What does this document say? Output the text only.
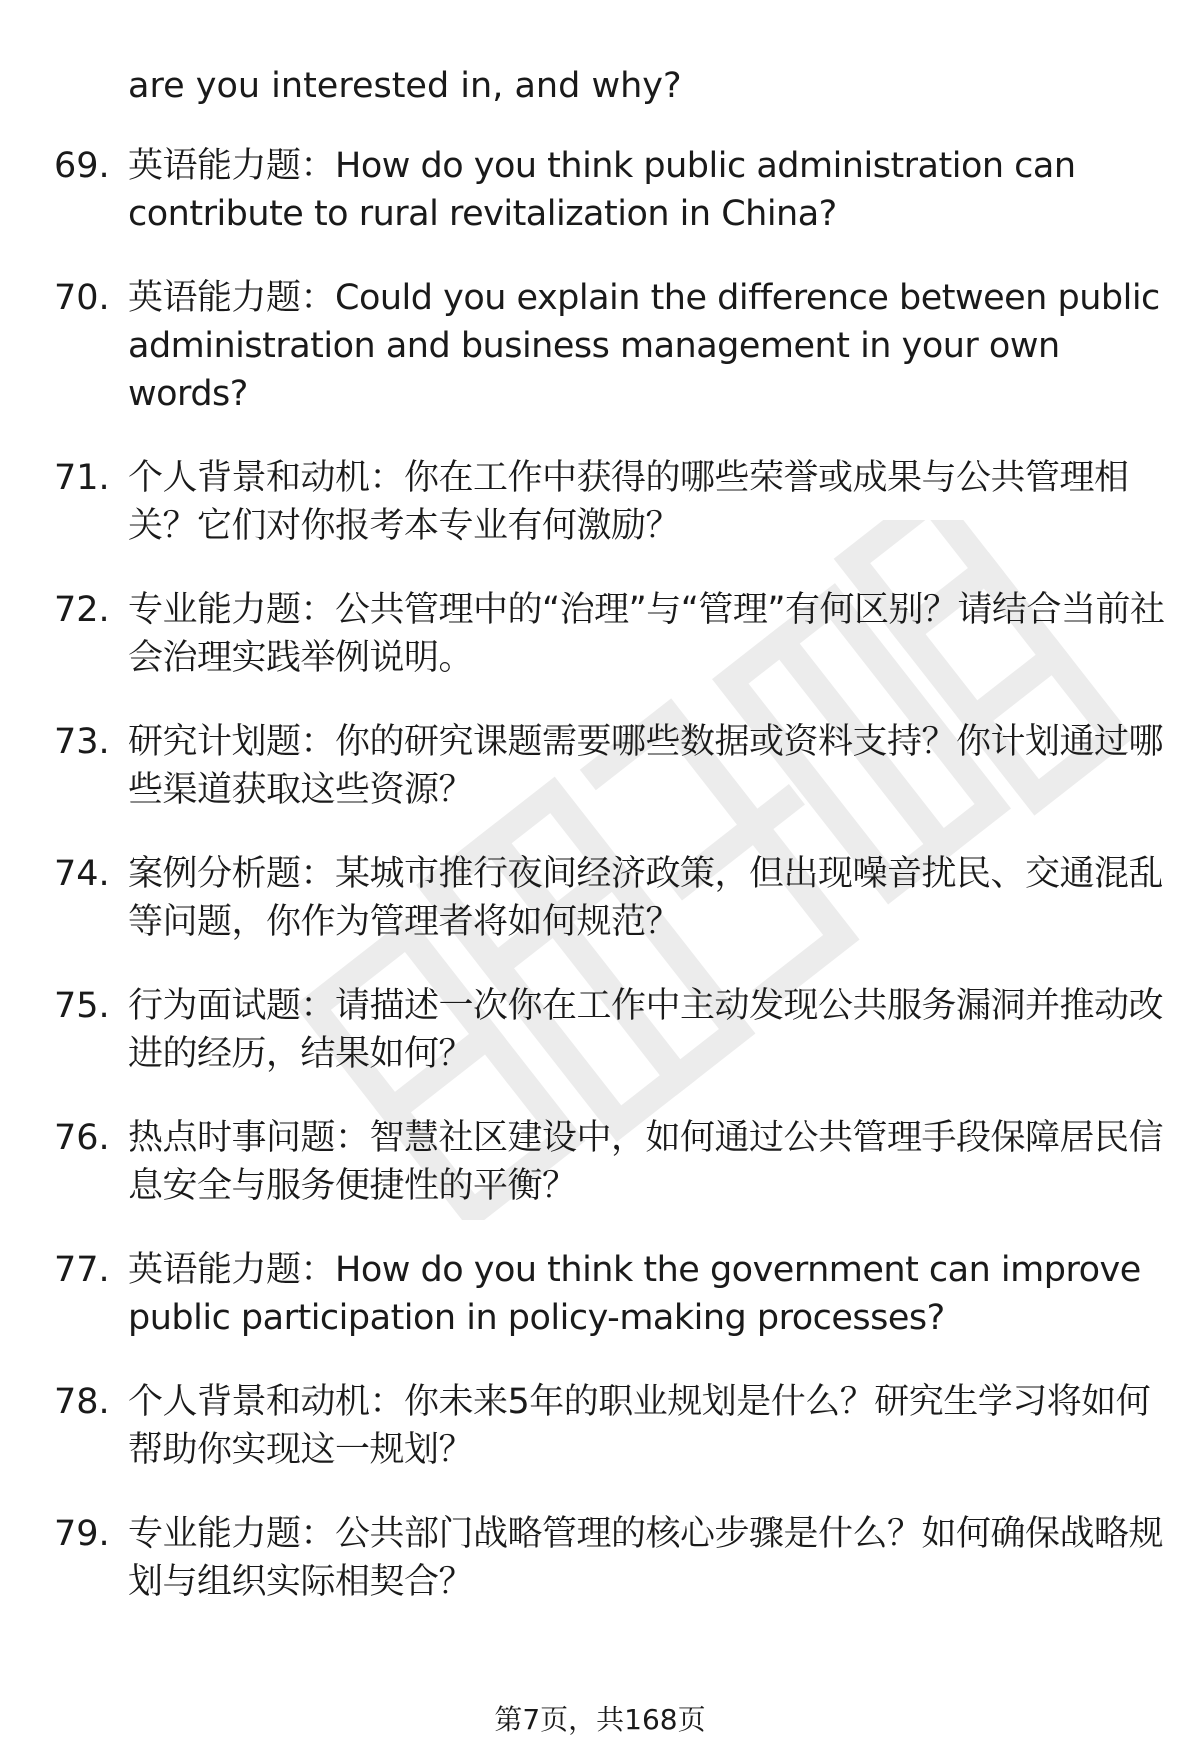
are you interested in, and why?
69. 英语能力题：How do you think public administration can contribute to rural revitalization in China?
70. 英语能力题：Could you explain the difference between public administration and business management in your own words?
71. 个人背景和动机：你在工作中获得的哪些荣誉或成果与公共管理相关？它们对你报考本专业有何激励？
72. 专业能力题：公共管理中的“治理”与“管理”有何区别？请结合当前社会治理实践举例说明。
73. 研究计划题：你的研究课题需要哪些数据或资料支持？你计划通过哪些渠道获取这些资源？
74. 案例分析题：某城市推行夜间经济政策，但出现噪音扰民、交通混乱等问题，你作为管理者将如何规范？
75. 行为面试题：请描述一次你在工作中主动发现公共服务漏洞并推动改进的经历，结果如何？
76. 热点时事问题：智慧社区建设中，如何通过公共管理手段保障居民信息安全与服务便捷性的平衡？
77. 英语能力题：How do you think the government can improve public participation in policy-making processes?
78. 个人背景和动机：你未来5年的职业规划是什么？研究生学习将如何帮助你实现这一规划？
79. 专业能力题：公共部门战略管理的核心步骤是什么？如何确保战略规划与组织实际相契合？
第7页，共168页
